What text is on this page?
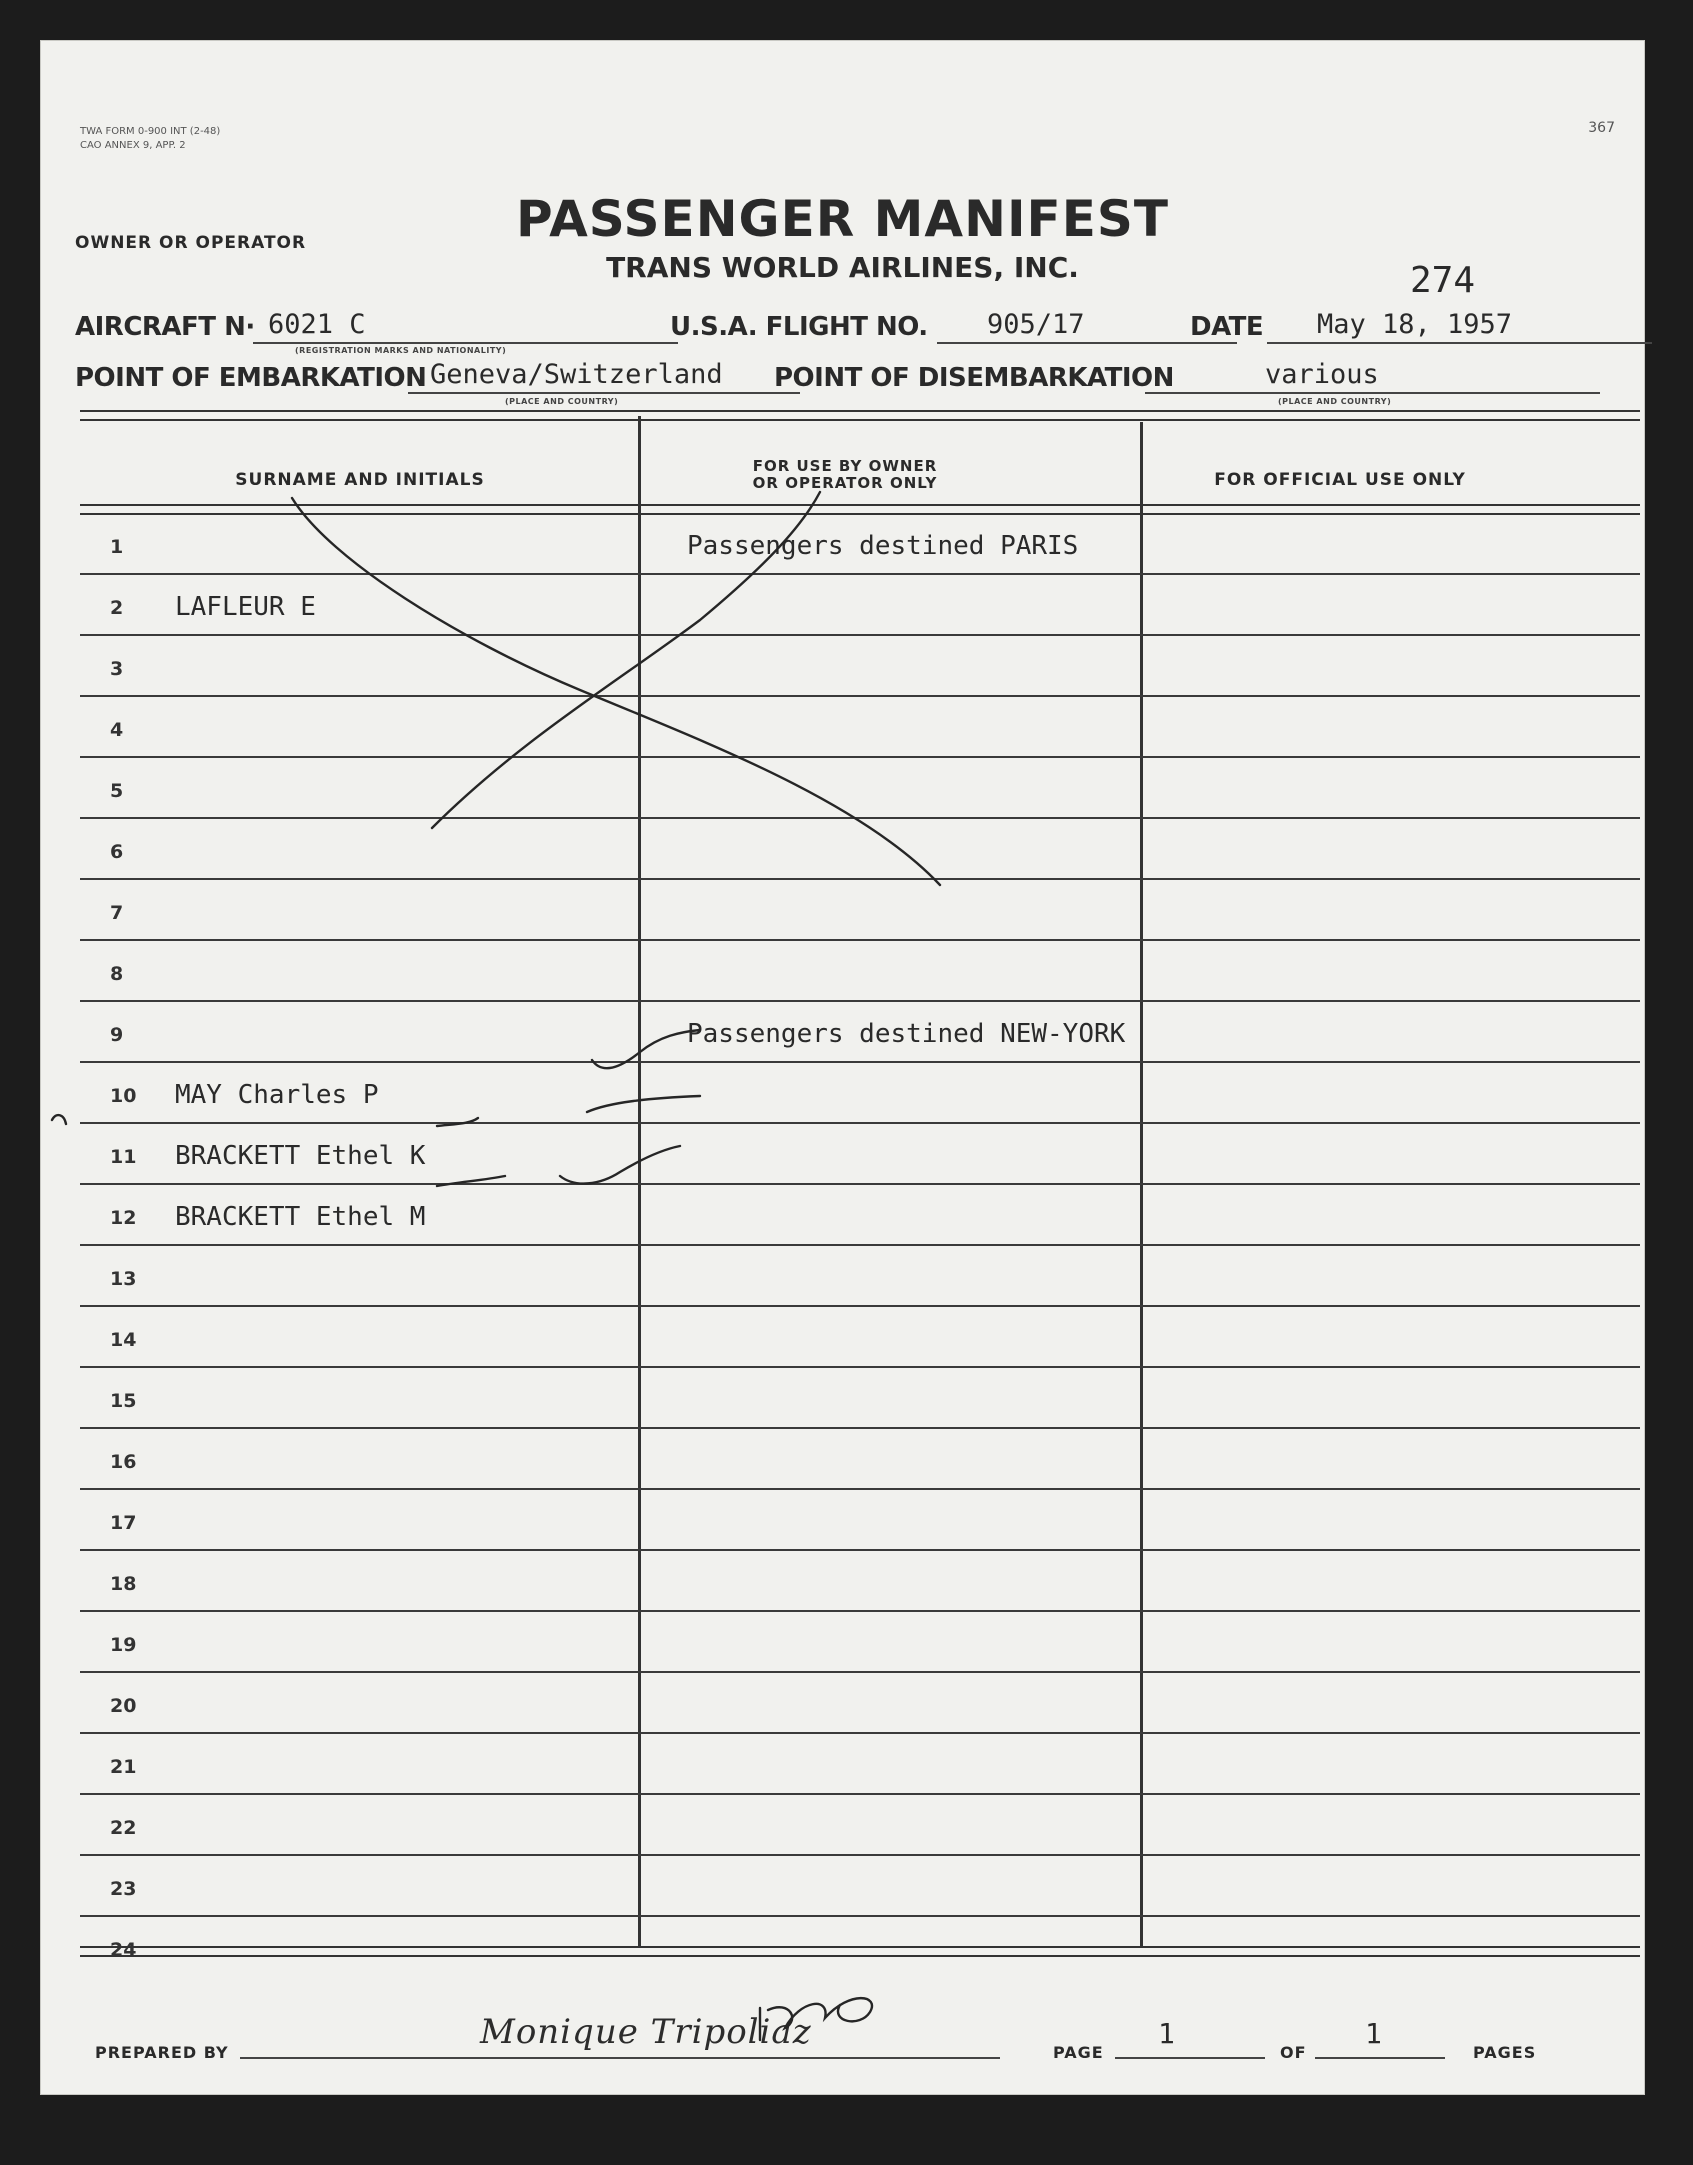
367
TWA FORM 0-900 INT (2-48)
CAO ANNEX 9, APP. 2
OWNER OR OPERATOR	PASSENGER MANIFEST
TRANS WORLD AIRLINES, INC.	274
AIRCRAFT N· 6021 C
(REGISTRATION MARKS AND NATIONALITY)
U.S.A. FLIGHT NO.	905/17	DATE	May 18, 1957
POINT OF EMBARKATION Geneva/Switzerland
(PLACE AND COUNTRY)
POINT OF DISEMBARKATION	various
(PLACE AND COUNTRY)
SURNAME AND INITIALS
FOR USE BY OWNER
OR OPERATOR ONLY	FOR OFFICIAL USE ONLY
1	Passengers destined PARIS
2 LAFLEUR E
3
4
5
6
7
8
9	Passengers destined NEW-YORK
10 MAY Charles P
11 BRACKETT Ethel K
12 BRACKETT Ethel M
13
14
15
16
17
18
19
20
21
22
23
24
PREPARED BY
Monique Tripoliaz
PAGE
1
OF
1
PAGES
